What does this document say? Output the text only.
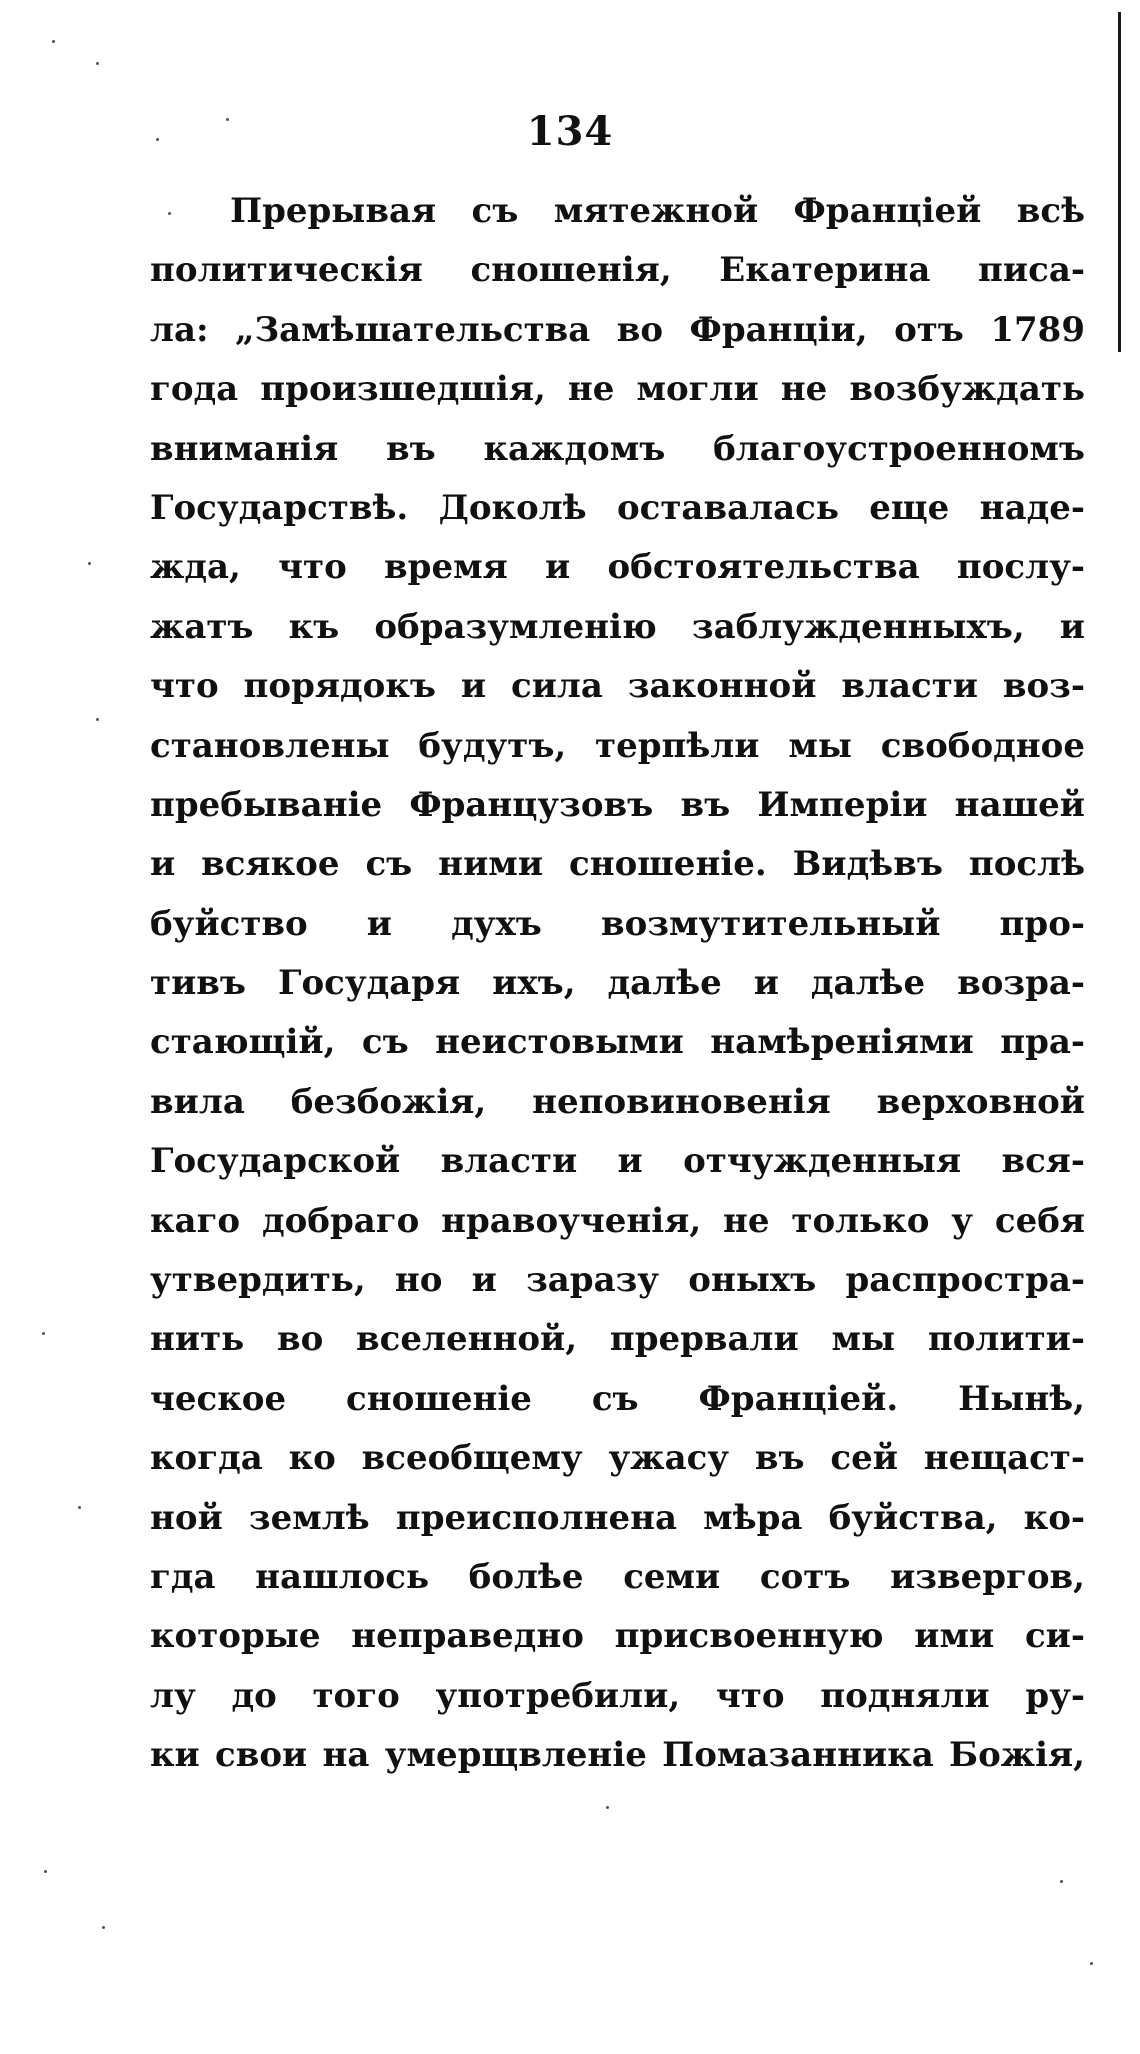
134
Прерывая съ мятежной Франціей всѣ
политическія сношенія, Екатерина писа-
ла: „Замѣшательства во Франціи, отъ 1789
года произшедшія, не могли не возбуждать
вниманія въ каждомъ благоустроенномъ
Государствѣ. Доколѣ оставалась еще наде-
жда, что время и обстоятельства послу-
жатъ къ образумленію заблужденныхъ, и
что порядокъ и сила законной власти воз-
становлены будутъ, терпѣли мы свободное
пребываніе Французовъ въ Имперіи нашей
и всякое съ ними сношеніе. Видѣвъ послѣ
буйство и духъ возмутительный про-
тивъ Государя ихъ, далѣе и далѣе возра-
стающій, съ неистовыми намѣреніями пра-
вила безбожія, неповиновенія верховной
Государской власти и отчужденныя вся-
каго добраго нравоученія, не только у себя
утвердить, но и заразу оныхъ распростра-
нить во вселенной, прервали мы полити-
ческое сношеніе съ Франціей. Нынѣ,
когда ко всеобщему ужасу въ сей нещаст-
ной землѣ преисполнена мѣра буйства, ко-
гда нашлось болѣе семи сотъ извергов,
которые неправедно присвоенную ими си-
лу до того употребили, что подняли ру-
ки свои на умерщвленіе Помазанника Божія,
